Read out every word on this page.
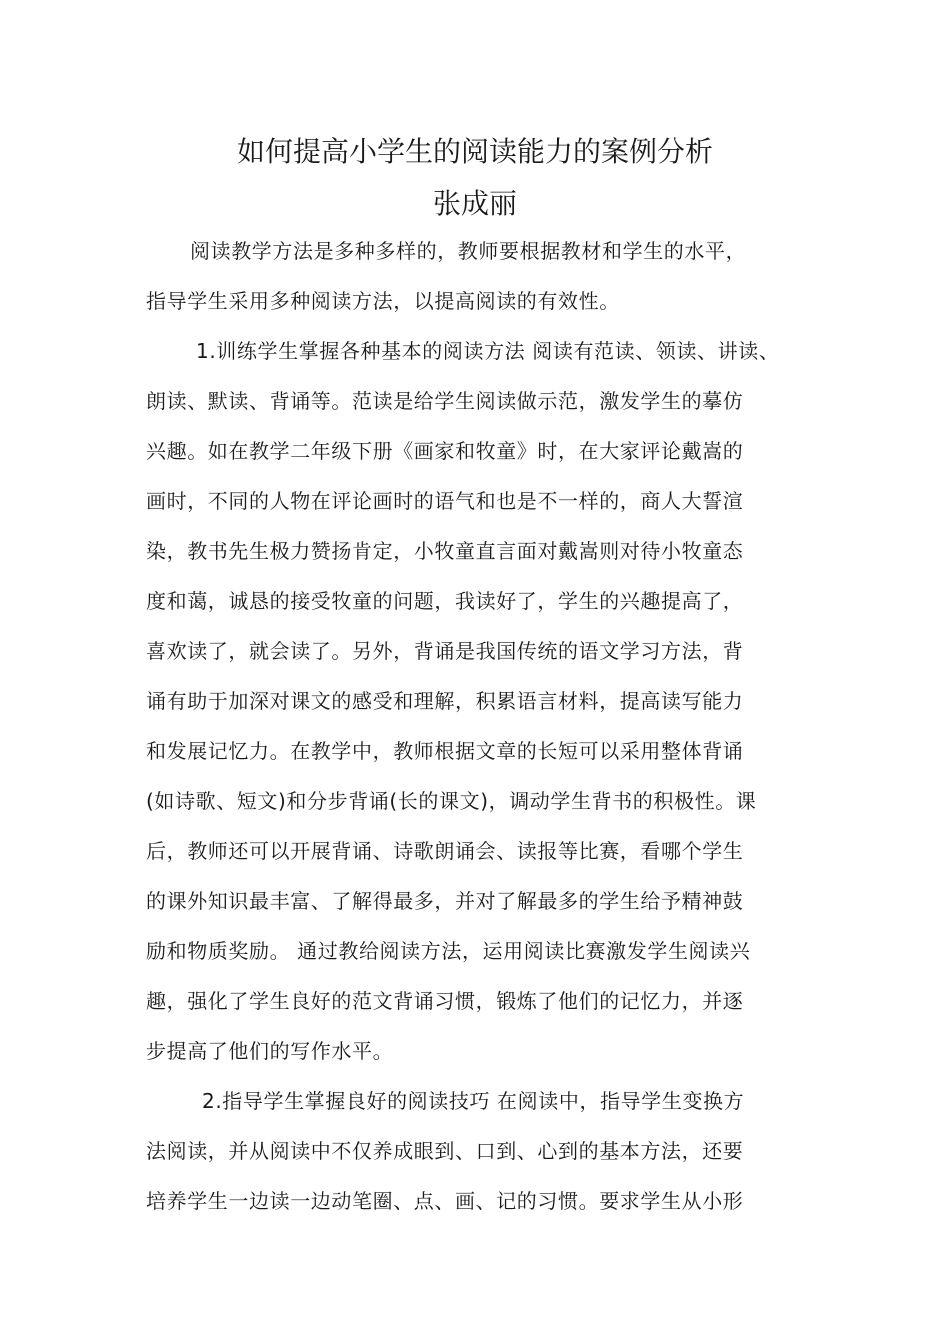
如何提高小学生的阅读能力的案例分析
张成丽
阅读教学方法是多种多样的，教师要根据教材和学生的水平，
指导学生采用多种阅读方法，以提高阅读的有效性。
1.训练学生掌握各种基本的阅读方法 阅读有范读、领读、讲读、
朗读、默读、背诵等。范读是给学生阅读做示范，激发学生的摹仿
兴趣。如在教学二年级下册《画家和牧童》时，在大家评论戴嵩的
画时，不同的人物在评论画时的语气和也是不一样的，商人大誓渲
染，教书先生极力赞扬肯定，小牧童直言面对戴嵩则对待小牧童态
度和蔼，诚恳的接受牧童的问题，我读好了，学生的兴趣提高了，
喜欢读了，就会读了。另外，背诵是我国传统的语文学习方法，背
诵有助于加深对课文的感受和理解，积累语言材料，提高读写能力
和发展记忆力。在教学中，教师根据文章的长短可以采用整体背诵
(如诗歌、短文)和分步背诵(长的课文)，调动学生背书的积极性。课
后，教师还可以开展背诵、诗歌朗诵会、读报等比赛，看哪个学生
的课外知识最丰富、了解得最多，并对了解最多的学生给予精神鼓
励和物质奖励。 通过教给阅读方法，运用阅读比赛激发学生阅读兴
趣，强化了学生良好的范文背诵习惯，锻炼了他们的记忆力，并逐
步提高了他们的写作水平。
2.指导学生掌握良好的阅读技巧 在阅读中，指导学生变换方
法阅读，并从阅读中不仅养成眼到、口到、心到的基本方法，还要
培养学生一边读一边动笔圈、点、画、记的习惯。要求学生从小形
